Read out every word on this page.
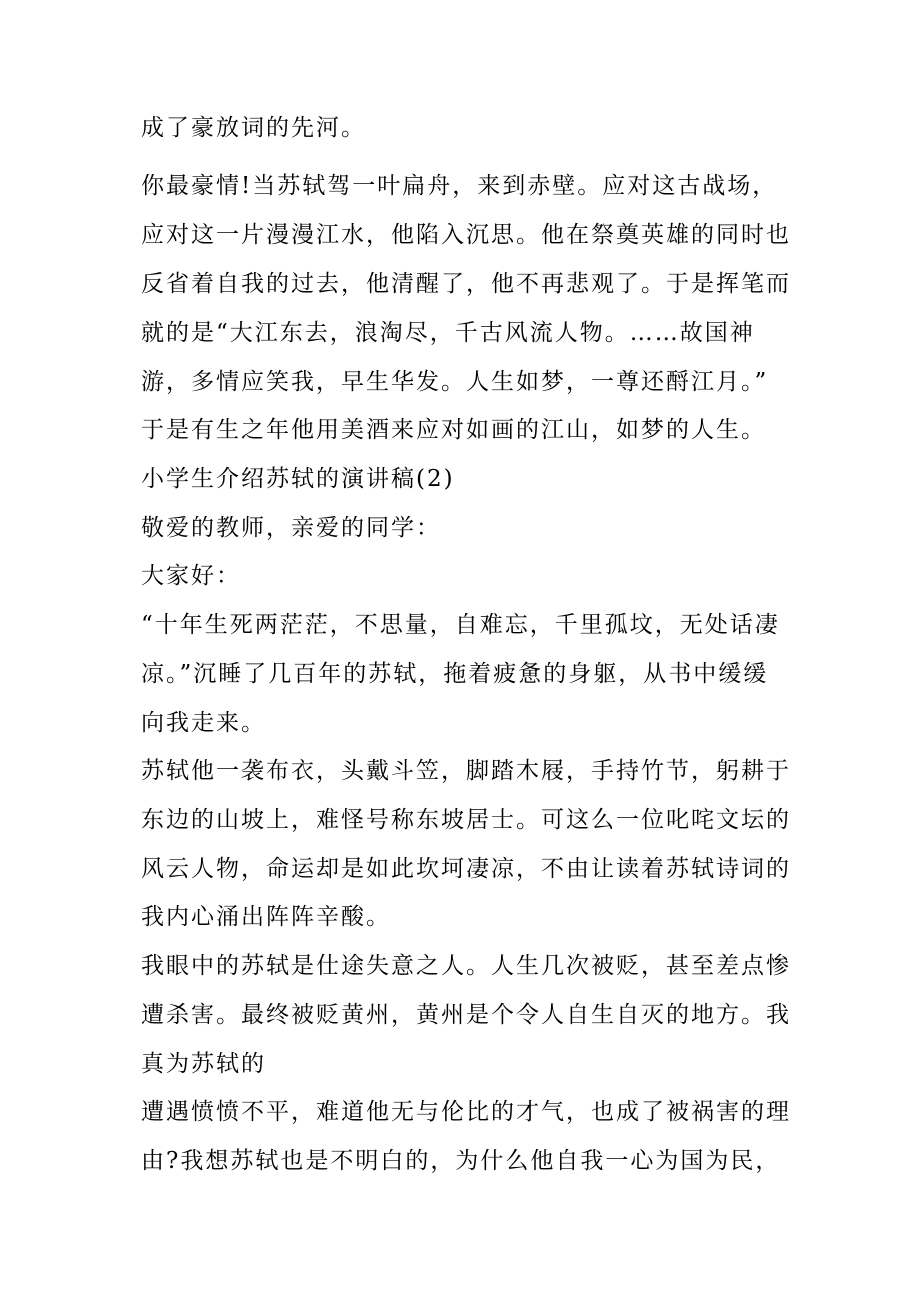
成了豪放词的先河。
你最豪情!当苏轼驾一叶扁舟，来到赤壁。应对这古战场，
应对这一片漫漫江水，他陷入沉思。他在祭奠英雄的同时也
反省着自我的过去，他清醒了，他不再悲观了。于是挥笔而
就的是“大江东去，浪淘尽，千古风流人物。……故国神
游，多情应笑我，早生华发。人生如梦，一尊还酹江月。”
于是有生之年他用美酒来应对如画的江山，如梦的人生。
小学生介绍苏轼的演讲稿(2)
敬爱的教师，亲爱的同学：
大家好：
“十年生死两茫茫，不思量，自难忘，千里孤坟，无处话凄
凉。”沉睡了几百年的苏轼，拖着疲惫的身躯，从书中缓缓
向我走来。
苏轼他一袭布衣，头戴斗笠，脚踏木屐，手持竹节，躬耕于
东边的山坡上，难怪号称东坡居士。可这么一位叱咤文坛的
风云人物，命运却是如此坎坷凄凉，不由让读着苏轼诗词的
我内心涌出阵阵辛酸。
我眼中的苏轼是仕途失意之人。人生几次被贬，甚至差点惨
遭杀害。最终被贬黄州，黄州是个令人自生自灭的地方。我
真为苏轼的
遭遇愤愤不平，难道他无与伦比的才气，也成了被祸害的理
由?我想苏轼也是不明白的，为什么他自我一心为国为民，
